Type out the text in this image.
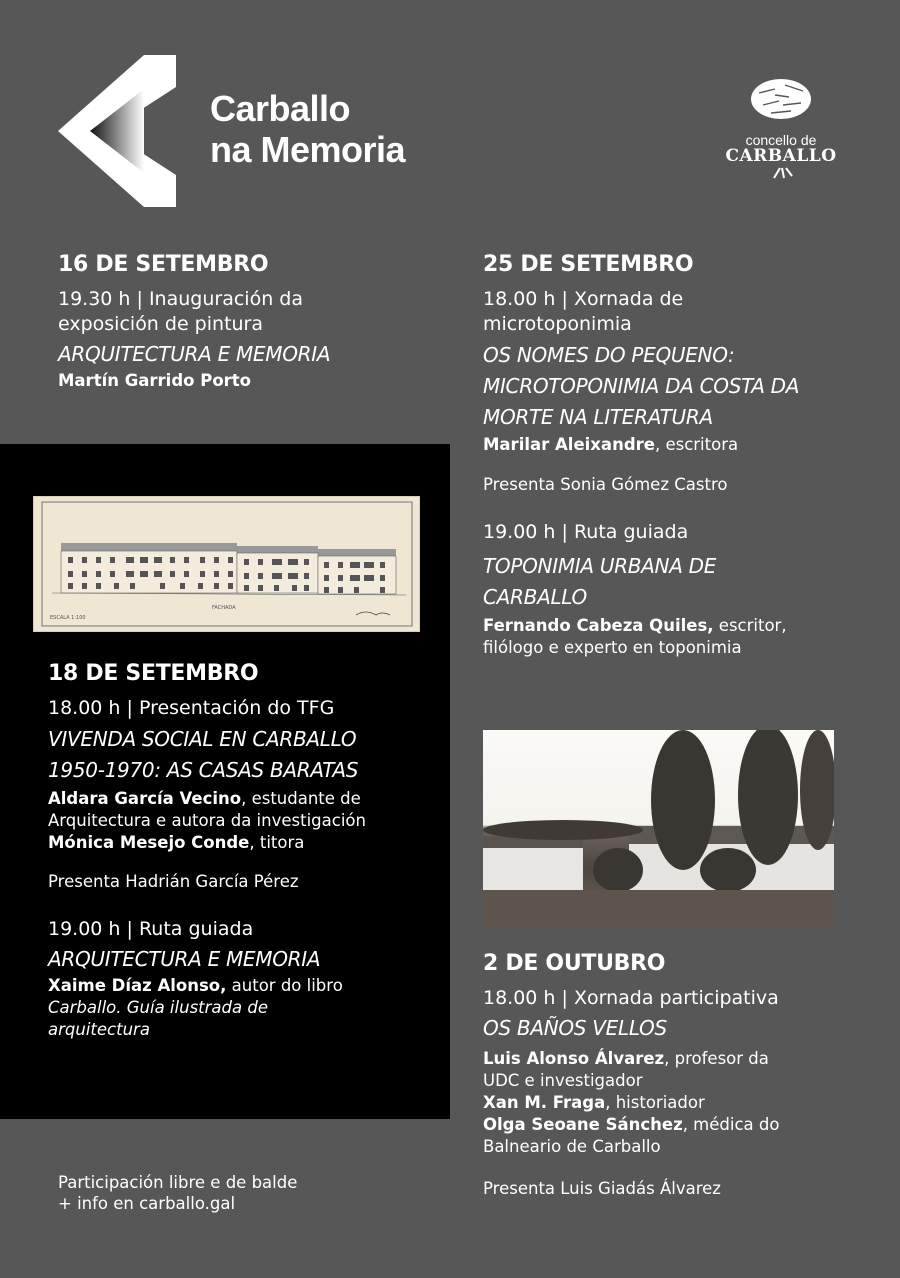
Carballo
na Memoria	concello de
CARBALLO
16 DE SETEMBRO
19.30 h | Inauguración da
exposición de pintura
ARQUITECTURA E MEMORIA
Martín Garrido Porto
FACHADA
ESCALA 1:100
18 DE SETEMBRO
18.00 h | Presentación do TFG
VIVENDA SOCIAL EN CARBALLO
1950-1970: AS CASAS BARATAS
Aldara García Vecino, estudante de
Arquitectura e autora da investigación
Mónica Mesejo Conde, titora
Presenta Hadrián García Pérez
19.00 h | Ruta guiada
ARQUITECTURA E MEMORIA
Xaime Díaz Alonso, autor do libro
Carballo. Guía ilustrada de
arquitectura
25 DE SETEMBRO
18.00 h | Xornada de
microtoponimia
OS NOMES DO PEQUENO:
MICROTOPONIMIA DA COSTA DA
MORTE NA LITERATURA
Marilar Aleixandre, escritora
Presenta Sonia Gómez Castro
19.00 h | Ruta guiada
TOPONIMIA URBANA DE
CARBALLO
Fernando Cabeza Quiles, escritor,
filólogo e experto en toponimia
2 DE OUTUBRO
18.00 h | Xornada participativa
OS BAÑOS VELLOS
Luis Alonso Álvarez, profesor da
UDC e investigador
Xan M. Fraga, historiador
Olga Seoane Sánchez, médica do
Balneario de Carballo
Presenta Luis Giadás Álvarez
Participación libre e de balde
+ info en carballo.gal
